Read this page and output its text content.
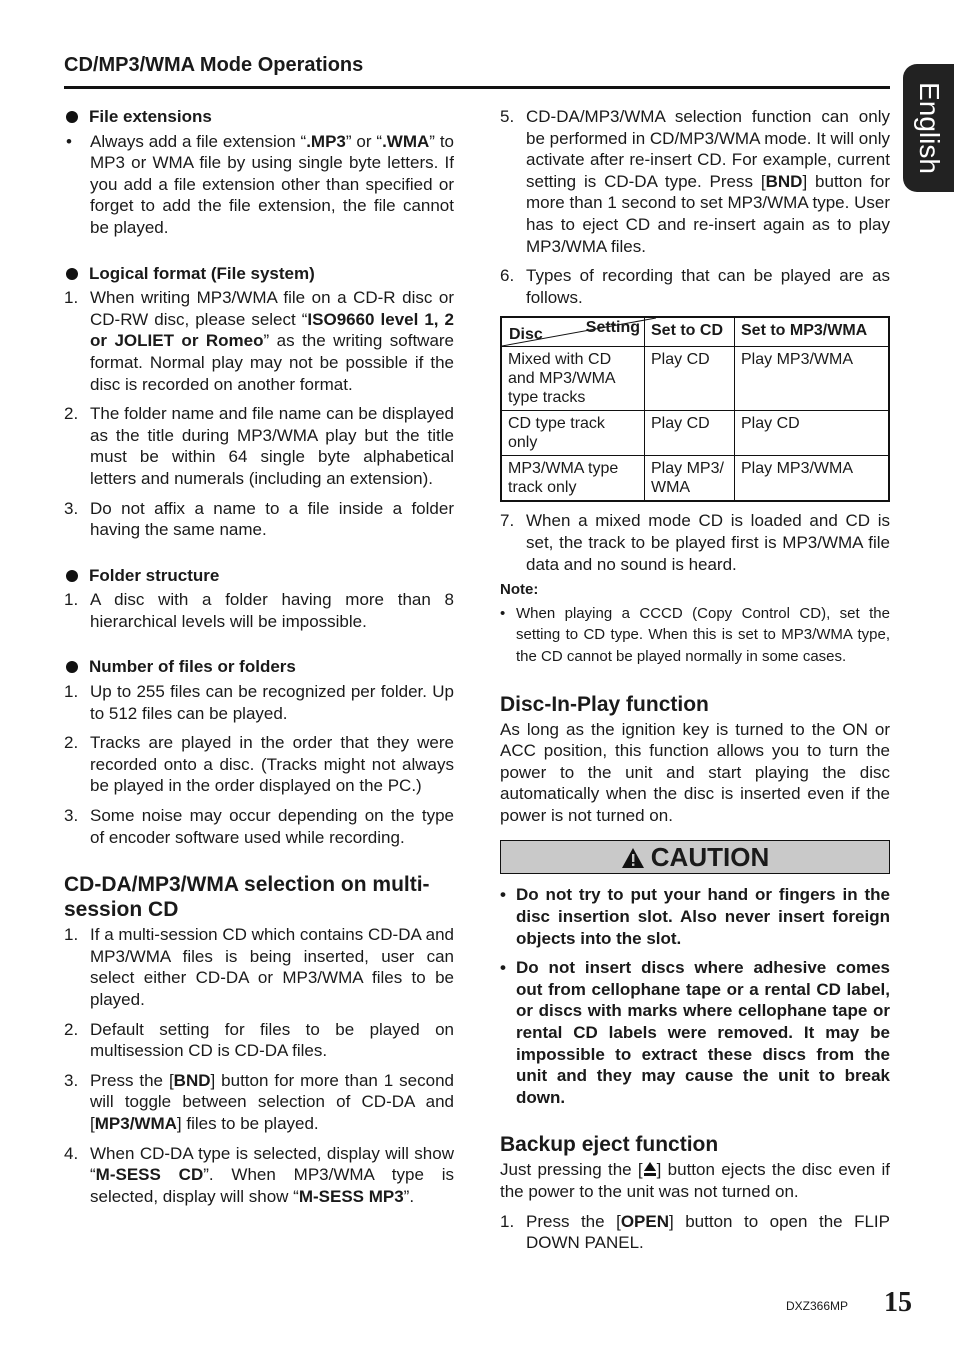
CD/MP3/WMA Mode Operations
English
File extensions
• Always add a file extension “.MP3” or “.WMA” to MP3 or WMA file by using single byte letters. If you add a file extension other than specified or forget to add the file extension, the file cannot be played.
Logical format (File system)
1. When writing MP3/WMA file on a CD-R disc or CD-RW disc, please select “ISO9660 level 1, 2 or JOLIET or Romeo” as the writing software format. Normal play may not be possible if the disc is recorded on another format.
2. The folder name and file name can be displayed as the title during MP3/WMA play but the title must be within 64 single byte alphabetical letters and numerals (including an extension).
3. Do not affix a name to a file inside a folder having the same name.
Folder structure
1. A disc with a folder having more than 8 hierarchical levels will be impossible.
Number of files or folders
1. Up to 255 files can be recognized per folder. Up to 512 files can be played.
2. Tracks are played in the order that they were recorded onto a disc. (Tracks might not always be played in the order displayed on the PC.)
3. Some noise may occur depending on the type of encoder software used while recording.
CD-DA/MP3/WMA selection on multi-session CD
1. If a multi-session CD which contains CD-DA and MP3/WMA files is being inserted, user can select either CD-DA or MP3/WMA files to be played.
2. Default setting for files to be played on multisession CD is CD-DA files.
3. Press the [BND] button for more than 1 second will toggle between selection of CD-DA and [MP3/WMA] files to be played.
4. When CD-DA type is selected, display will show “M-SESS CD”. When MP3/WMA type is selected, display will show “M-SESS MP3”.
5. CD-DA/MP3/WMA selection function can only be performed in CD/MP3/WMA mode. It will only activate after re-insert CD. For example, current setting is CD-DA type. Press [BND] button for more than 1 second to set MP3/WMA type. User has to eject CD and re-insert again as to play MP3/WMA files.
6. Types of recording that can be played are as follows.
Disc Setting	Set to CD	Set to MP3/WMA
Mixed with CD and MP3/WMA type tracks	Play CD	Play MP3/WMA
CD type track only	Play CD	Play CD
MP3/WMA type track only	Play MP3/ WMA	Play MP3/WMA
7. When a mixed mode CD is loaded and CD is set, the track to be played first is MP3/WMA file data and no sound is heard.
Note:
• When playing a CCCD (Copy Control CD), set the setting to CD type. When this is set to MP3/WMA type, the CD cannot be played normally in some cases.
Disc-In-Play function
As long as the ignition key is turned to the ON or ACC position, this function allows you to turn the power to the unit and start playing the disc automatically when the disc is inserted even if the power is not turned on.
CAUTION
• Do not try to put your hand or fingers in the disc insertion slot. Also never insert foreign objects into the slot.
• Do not insert discs where adhesive comes out from cellophane tape or a rental CD label, or discs with marks where cellophane tape or rental CD labels were removed. It may be impossible to extract these discs from the unit and they may cause the unit to break down.
Backup eject function
Just pressing the [ ] button ejects the disc even if the power to the unit was not turned on.
1. Press the [OPEN] button to open the FLIP DOWN PANEL.
DXZ366MP 15
